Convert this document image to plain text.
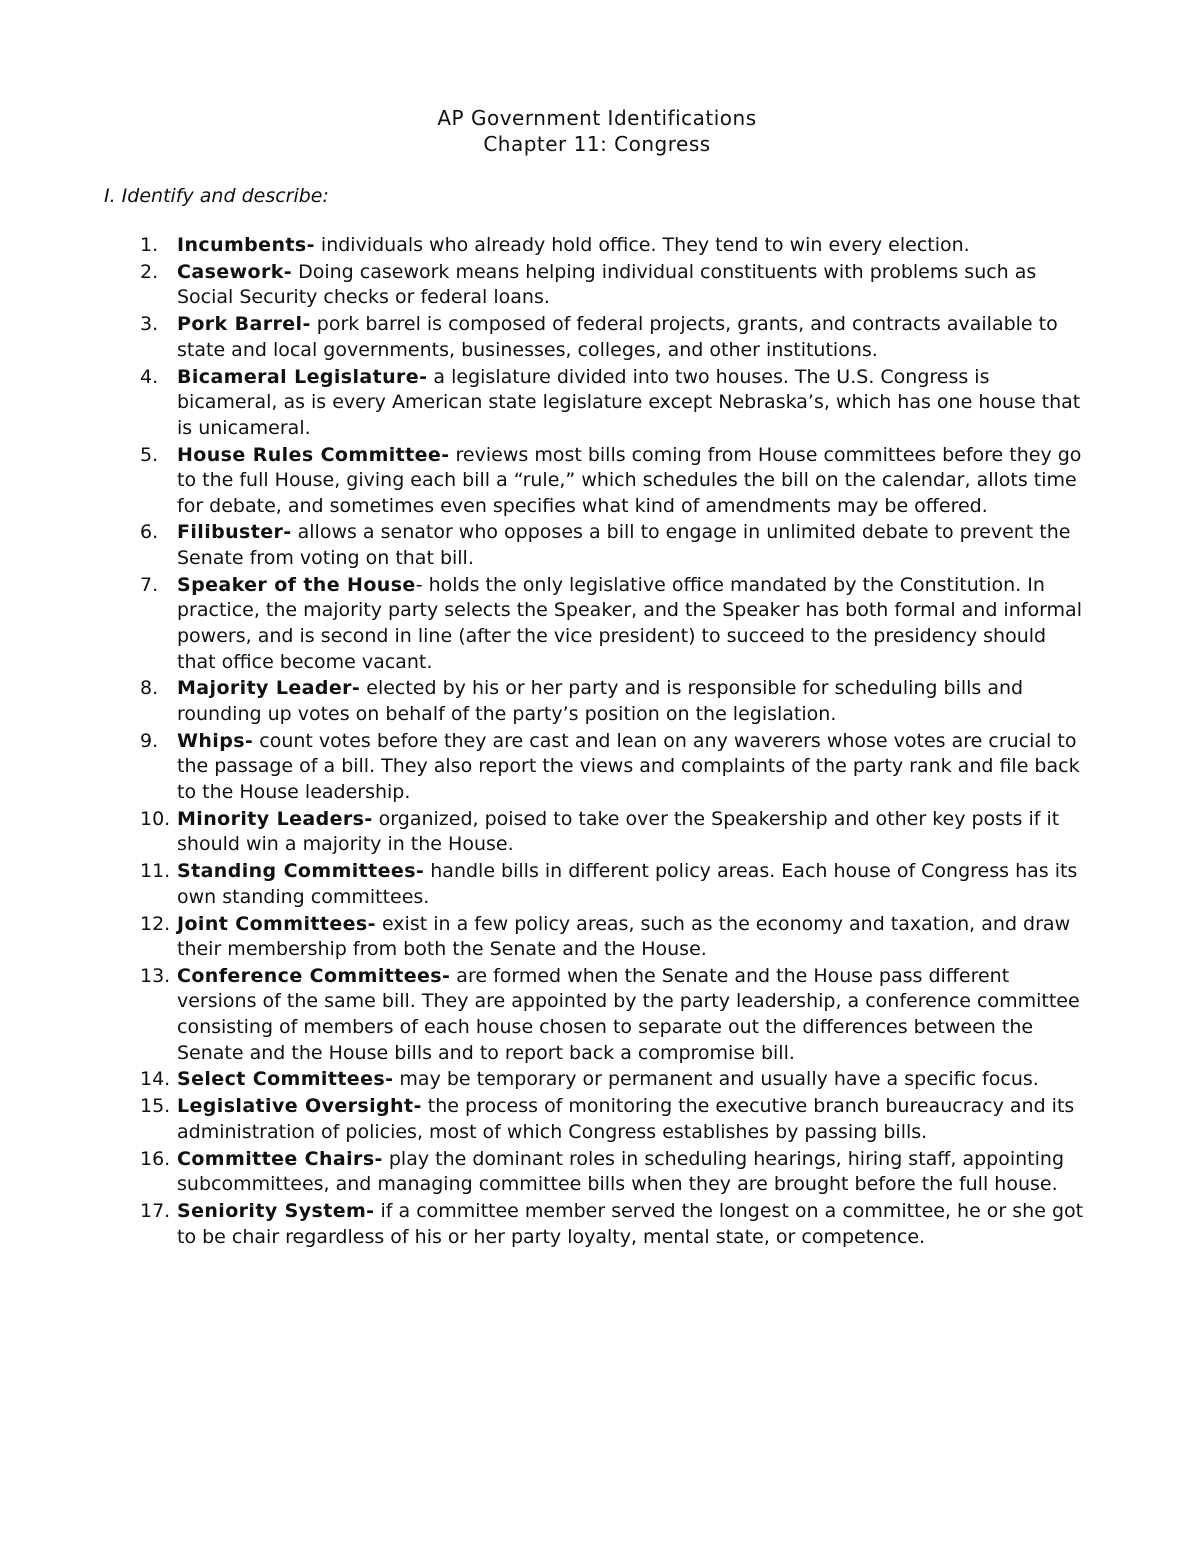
AP Government Identifications

Chapter 11: Congress

I. Identify and describe:

1. Incumbents- individuals who already hold office. They tend to win every election.
2. Casework- Doing casework means helping individual constituents with problems such as Social Security checks or federal loans.
3. Pork Barrel- pork barrel is composed of federal projects, grants, and contracts available to state and local governments, businesses, colleges, and other institutions.
4. Bicameral Legislature- a legislature divided into two houses. The U.S. Congress is bicameral, as is every American state legislature except Nebraska’s, which has one house that is unicameral.
5. House Rules Committee- reviews most bills coming from House committees before they go to the full House, giving each bill a “rule,” which schedules the bill on the calendar, allots time for debate, and sometimes even specifies what kind of amendments may be offered.
6. Filibuster- allows a senator who opposes a bill to engage in unlimited debate to prevent the Senate from voting on that bill.
7. Speaker of the House- holds the only legislative office mandated by the Constitution. In practice, the majority party selects the Speaker, and the Speaker has both formal and informal powers, and is second in line (after the vice president) to succeed to the presidency should that office become vacant.
8. Majority Leader- elected by his or her party and is responsible for scheduling bills and rounding up votes on behalf of the party’s position on the legislation.
9. Whips- count votes before they are cast and lean on any waverers whose votes are crucial to the passage of a bill. They also report the views and complaints of the party rank and file back to the House leadership.
10. Minority Leaders- organized, poised to take over the Speakership and other key posts if it should win a majority in the House.
11. Standing Committees- handle bills in different policy areas. Each house of Congress has its own standing committees.
12. Joint Committees- exist in a few policy areas, such as the economy and taxation, and draw their membership from both the Senate and the House.
13. Conference Committees- are formed when the Senate and the House pass different versions of the same bill. They are appointed by the party leadership, a conference committee consisting of members of each house chosen to separate out the differences between the Senate and the House bills and to report back a compromise bill.
14. Select Committees- may be temporary or permanent and usually have a specific focus.
15. Legislative Oversight- the process of monitoring the executive branch bureaucracy and its administration of policies, most of which Congress establishes by passing bills.
16. Committee Chairs- play the dominant roles in scheduling hearings, hiring staff, appointing subcommittees, and managing committee bills when they are brought before the full house.
17. Seniority System- if a committee member served the longest on a committee, he or she got to be chair regardless of his or her party loyalty, mental state, or competence.
